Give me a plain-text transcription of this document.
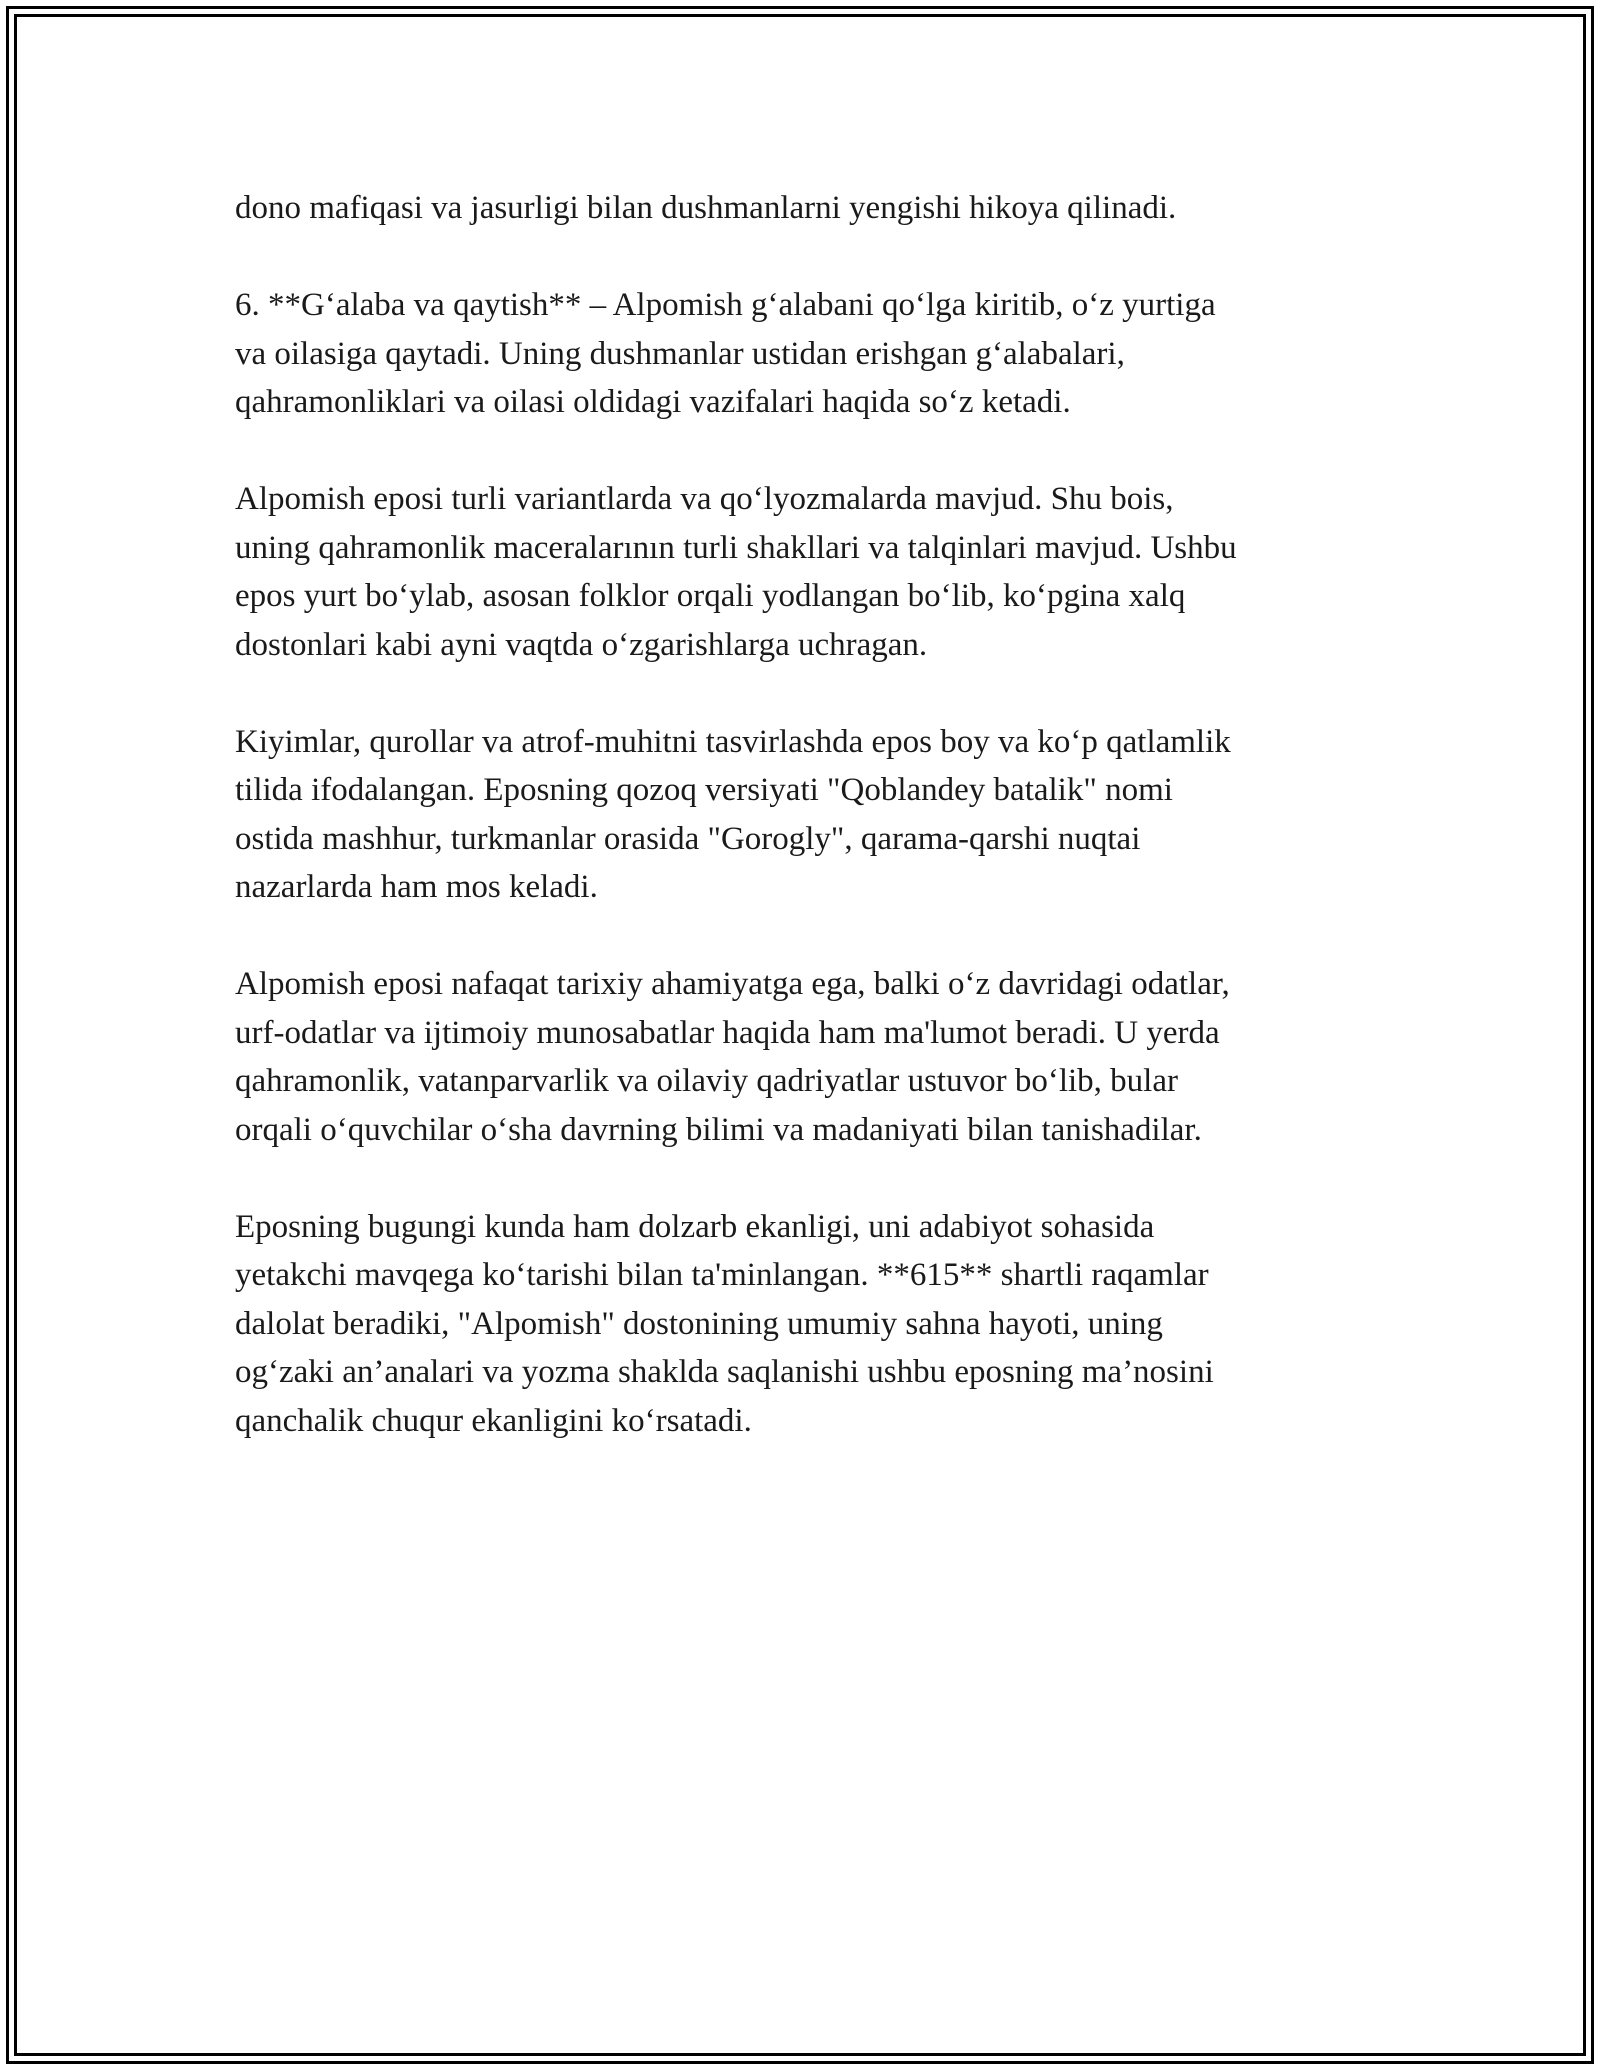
dono mafiqasi va jasurligi bilan dushmanlarni yengishi hikoya qilinadi.

6. **G‘alaba va qaytish** – Alpomish g‘alabani qo‘lga kiritib, o‘z yurtiga
va oilasiga qaytadi. Uning dushmanlar ustidan erishgan g‘alabalari,
qahramonliklari va oilasi oldidagi vazifalari haqida so‘z ketadi.

Alpomish eposi turli variantlarda va qo‘lyozmalarda mavjud. Shu bois,
uning qahramonlik maceralarının turli shakllari va talqinlari mavjud. Ushbu
epos yurt bo‘ylab, asosan folklor orqali yodlangan bo‘lib, ko‘pgina xalq
dostonlari kabi ayni vaqtda o‘zgarishlarga uchragan.

Kiyimlar, qurollar va atrof-muhitni tasvirlashda epos boy va ko‘p qatlamlik
tilida ifodalangan. Eposning qozoq versiyati "Qoblandey batalik" nomi
ostida mashhur, turkmanlar orasida "Gorogly", qarama-qarshi nuqtai
nazarlarda ham mos keladi.

Alpomish eposi nafaqat tarixiy ahamiyatga ega, balki o‘z davridagi odatlar,
urf-odatlar va ijtimoiy munosabatlar haqida ham ma'lumot beradi. U yerda
qahramonlik, vatanparvarlik va oilaviy qadriyatlar ustuvor bo‘lib, bular
orqali o‘quvchilar o‘sha davrning bilimi va madaniyati bilan tanishadilar.

Eposning bugungi kunda ham dolzarb ekanligi, uni adabiyot sohasida
yetakchi mavqega ko‘tarishi bilan ta'minlangan. **615** shartli raqamlar
dalolat beradiki, "Alpomish" dostonining umumiy sahna hayoti, uning
og‘zaki an’analari va yozma shaklda saqlanishi ushbu eposning ma’nosini
qanchalik chuqur ekanligini ko‘rsatadi.
